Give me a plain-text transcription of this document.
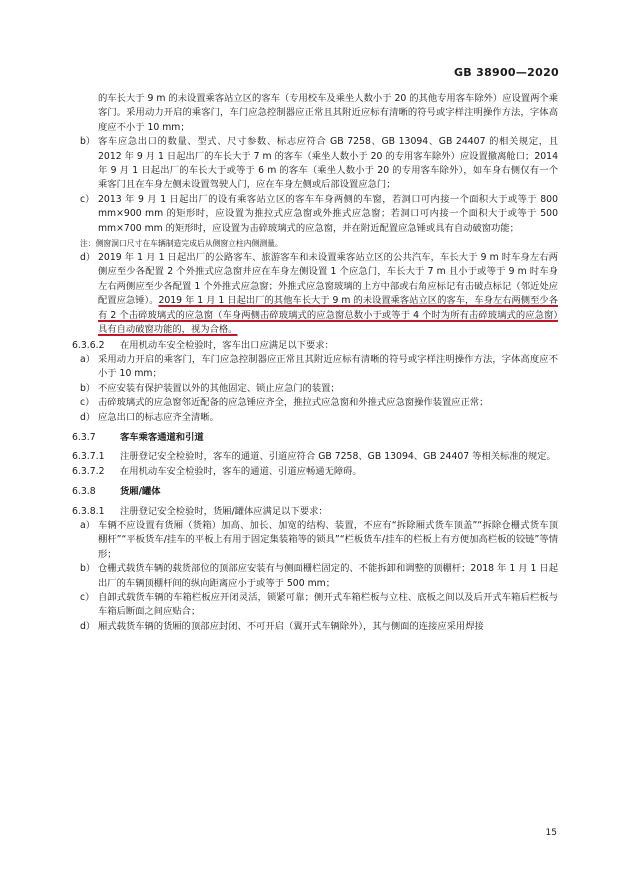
GB 38900—2020

的车长大于 9 m 的未设置乘客站立区的客车（专用校车及乘坐人数小于 20 的其他专用客车除外）应设置两个乘客门。采用动力开启的乘客门，车门应急控制器应正常且其附近应标有清晰的符号或字样注明操作方法，字体高度应不小于 10 mm；

b） 客车应急出口的数量、型式、尺寸参数、标志应符合 GB 7258、GB 13094、GB 24407 的相关规定，且 2012 年 9 月 1 日起出厂的车长大于 7 m 的客车（乘坐人数小于 20 的专用客车除外）应设置撤离舱口；2014 年 9 月 1 日起出厂的车长大于或等于 6 m 的客车（乘坐人数小于 20 的专用客车除外），如车身右侧仅有一个乘客门且在车身左侧未设置驾驶人门，应在车身左侧或后部设置应急门；

c） 2013 年 9 月 1 日起出厂的设有乘客站立区的客车车身两侧的车窗，若洞口可内接一个面积大于或等于 800 mm×900 mm 的矩形时，应设置为推拉式应急窗或外推式应急窗；若洞口可内接一个面积大于或等于 500 mm×700 mm 的矩形时，应设置为击碎玻璃式的应急窗，并在附近配置应急锤或具有自动破窗功能；

注：侧窗洞口尺寸在车辆制造完成后从侧窗立柱内侧测量。

d） 2019 年 1 月 1 日起出厂的公路客车、旅游客车和未设置乘客站立区的公共汽车，车长大于 9 m 时车身左右两侧应至少各配置 2 个外推式应急窗并应在车身左侧设置 1 个应急门，车长大于 7 m 且小于或等于 9 m 时车身左右两侧应至少各配置 1 个外推式应急窗；外推式应急窗玻璃的上方中部或右角应标记有击破点标记（邻近处应配置应急锤）。2019 年 1 月 1 日起出厂的其他车长大于 9 m 的未设置乘客站立区的客车，车身左右两侧至少各有 2 个击碎玻璃式的应急窗（车身两侧击碎玻璃式的应急窗总数小于或等于 4 个时为所有击碎玻璃式的应急窗）具有自动破窗功能的，视为合格。

6.3.6.2 在用机动车安全检验时，客车出口应满足以下要求：

a） 采用动力开启的乘客门，车门应急控制器应正常且其附近应标有清晰的符号或字样注明操作方法，字体高度应不小于 10 mm；

b） 不应安装有保护装置以外的其他固定、锁止应急门的装置；

c） 击碎玻璃式的应急窗邻近配备的应急锤应齐全，推拉式应急窗和外推式应急窗操作装置应正常；

d） 应急出口的标志应齐全清晰。

6.3.7	客车乘客通道和引道

6.3.7.1 注册登记安全检验时，客车的通道、引道应符合 GB 7258、GB 13094、GB 24407 等相关标准的规定。

6.3.7.2 在用机动车安全检验时，客车的通道、引道应畅通无障碍。

6.3.8	货厢/罐体

6.3.8.1 注册登记安全检验时，货厢/罐体应满足以下要求：

a） 车辆不应设置有货厢（货箱）加高、加长、加宽的结构、装置，不应有“拆除厢式货车顶盖”“拆除仓栅式货车顶棚杆”“平板货车/挂车的平板上有用于固定集装箱等的锁具”“栏板货车/挂车的栏板上有方便加高栏板的铰链”等情形；

b） 仓栅式载货车辆的载货部位的顶部应安装有与侧面栅栏固定的、不能拆卸和调整的顶棚杆；2018 年 1 月 1 日起出厂的车辆顶棚杆间的纵向距离应小于或等于 500 mm；

c） 自卸式载货车辆的车箱栏板应开闭灵活，锁紧可靠；侧开式车箱栏板与立柱、底板之间以及后开式车箱后栏板与车箱后断面之间应贴合；

d） 厢式载货车辆的货厢的顶部应封闭、不可开启（翼开式车辆除外），其与侧面的连接应采用焊接

15
